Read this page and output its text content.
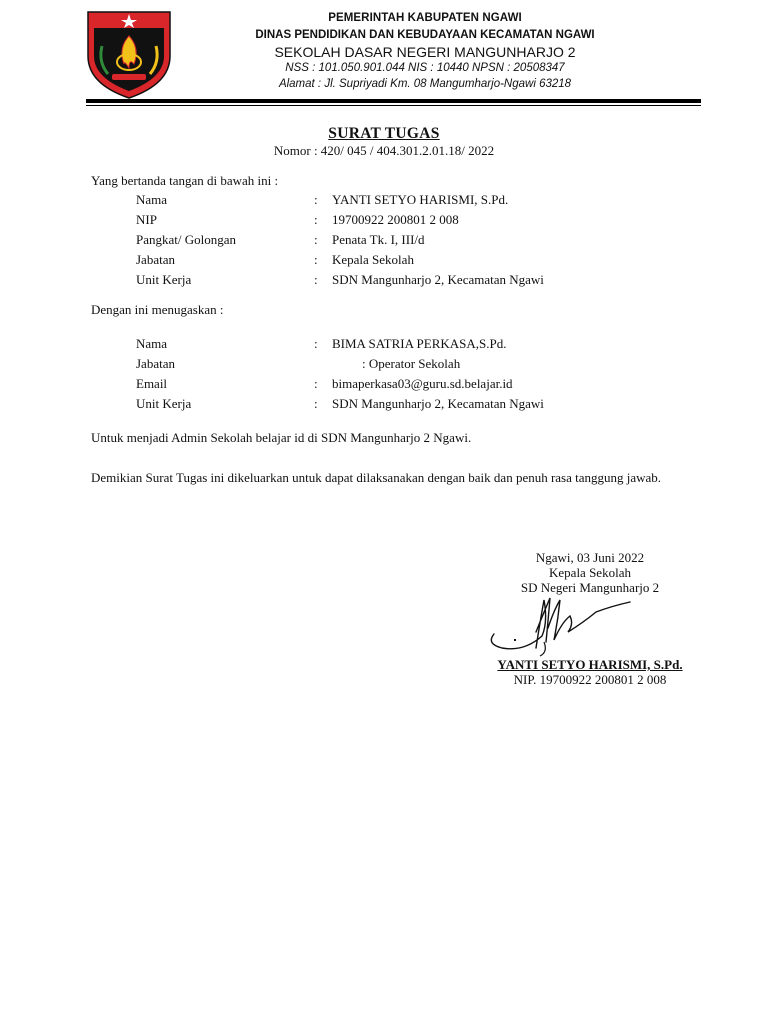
PEMERINTAH KABUPATEN NGAWI
DINAS PENDIDIKAN DAN KEBUDAYAAN KECAMATAN NGAWI
SEKOLAH DASAR NEGERI MANGUNHARJO 2
NSS : 101.050.901.044 NIS : 10440 NPSN : 20508347
Alamat : Jl. Supriyadi Km. 08 Mangumharjo-Ngawi 63218
SURAT TUGAS
Nomor : 420/ 045 / 404.301.2.01.18/ 2022
Yang bertanda tangan di bawah ini :
Nama	: YANTI SETYO HARISMI, S.Pd.
NIP	: 19700922 200801 2 008
Pangkat/ Golongan	: Penata Tk. I, III/d
Jabatan	: Kepala Sekolah
Unit Kerja	: SDN Mangunharjo 2, Kecamatan Ngawi
Dengan ini menugaskan :
Nama	: BIMA SATRIA PERKASA,S.Pd.
Jabatan	: Operator Sekolah
Email	: bimaperkasa03@guru.sd.belajar.id
Unit Kerja	: SDN Mangunharjo 2, Kecamatan Ngawi
Untuk menjadi Admin Sekolah belajar id di SDN Mangunharjo 2 Ngawi.
Demikian Surat Tugas ini dikeluarkan untuk dapat dilaksanakan dengan baik dan penuh rasa tanggung jawab.
Ngawi, 03 Juni 2022
Kepala Sekolah
SD Negeri Mangunharjo 2
YANTI SETYO HARISMI, S.Pd.
NIP. 19700922 200801 2 008
